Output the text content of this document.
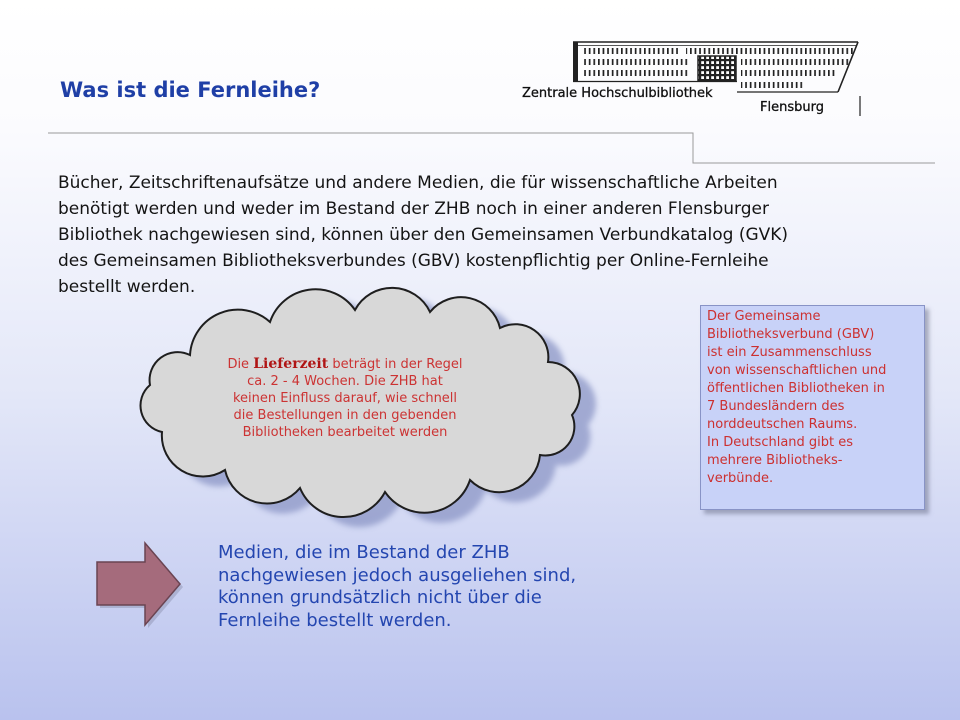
Zentrale Hochschulbibliothek
Flensburg
Was ist die Fernleihe?
Bücher, Zeitschriftenaufsätze und andere Medien, die für wissenschaftliche Arbeiten
benötigt werden und weder im Bestand der ZHB noch in einer anderen Flensburger
Bibliothek nachgewiesen sind, können über den Gemeinsamen Verbundkatalog (GVK)
des Gemeinsamen Bibliotheksverbundes (GBV) kostenpflichtig per Online-Fernleihe
bestellt werden.
Die Lieferzeit beträgt in der Regel
ca. 2 - 4 Wochen. Die ZHB hat
keinen Einfluss darauf, wie schnell
die Bestellungen in den gebenden
Bibliotheken bearbeitet werden
Der Gemeinsame
Bibliotheksverbund (GBV)
ist ein Zusammenschluss
von wissenschaftlichen und
öffentlichen Bibliotheken in
7 Bundesländern des
norddeutschen Raums.
In Deutschland gibt es
mehrere Bibliotheks-
verbünde.
Medien, die im Bestand der ZHB
nachgewiesen jedoch ausgeliehen sind,
können grundsätzlich nicht über die
Fernleihe bestellt werden.
